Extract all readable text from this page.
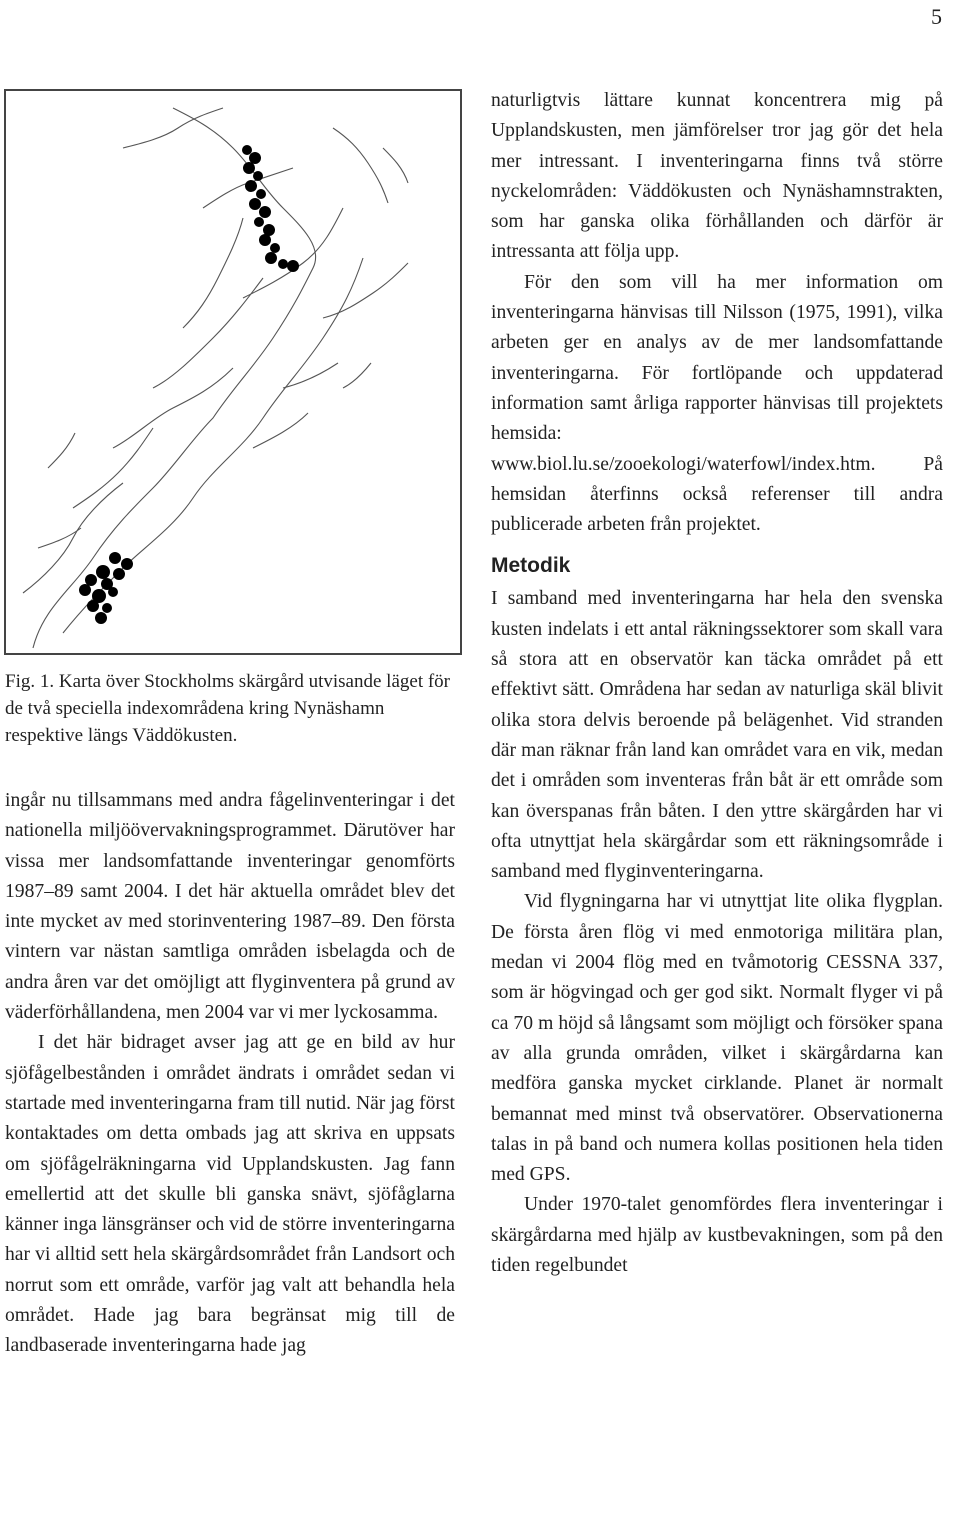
5
Fig. 1. Karta över Stockholms skärgård utvisande läget för de två speciella indexområdena kring Nynäshamn respektive längs Väddökusten.

ingår nu tillsammans med andra fågelinventeringar i det nationella miljöövervakningsprogrammet. Därutöver har vissa mer landsomfattande inventeringar genomförts 1987–89 samt 2004. I det här aktuella området blev det inte mycket av med storinventering 1987–89. Den första vintern var nästan samtliga områden isbelagda och de andra åren var det omöjligt att flyginventera på grund av väderförhållandena, men 2004 var vi mer lyckosamma.

I det här bidraget avser jag att ge en bild av hur sjöfågelbestånden i området ändrats i området sedan vi startade med inventeringarna fram till nutid. När jag först kontaktades om detta ombads jag att skriva en uppsats om sjöfågelräkningarna vid Upplandskusten. Jag fann emellertid att det skulle bli ganska snävt, sjöfåglarna känner inga länsgränser och vid de större inventeringarna har vi alltid sett hela skärgårdsområdet från Landsort och norrut som ett område, varför jag valt att behandla hela området. Hade jag bara begränsat mig till de landbaserade inventeringarna hade jag

naturligtvis lättare kunnat koncentrera mig på Upplandskusten, men jämförelser tror jag gör det hela mer intressant. I inventeringarna finns två större nyckelområden: Väddökusten och Nynäshamnstrakten, som har ganska olika förhållanden och därför är intressanta att följa upp.

För den som vill ha mer information om inventeringarna hänvisas till Nilsson (1975, 1991), vilka arbeten ger en analys av de mer landsomfattande inventeringarna. För fortlöpande och uppdaterad information samt årliga rapporter hänvisas till projektets hemsida: www.biol.lu.se/zooekologi/waterfowl/index.htm. På hemsidan återfinns också referenser till andra publicerade arbeten från projektet.

Metodik

I samband med inventeringarna har hela den svenska kusten indelats i ett antal räkningssektorer som skall vara så stora att en observatör kan täcka området på ett effektivt sätt. Områdena har sedan av naturliga skäl blivit olika stora delvis beroende på belägenhet. Vid stranden där man räknar från land kan området vara en vik, medan det i områden som inventeras från båt är ett område som kan överspanas från båten. I den yttre skärgården har vi ofta utnyttjat hela skärgårdar som ett räkningsområde i samband med flyginventeringarna.

Vid flygningarna har vi utnyttjat lite olika flygplan. De första åren flög vi med enmotoriga militära plan, medan vi 2004 flög med en tvåmotorig CESSNA 337, som är högvingad och ger god sikt. Normalt flyger vi på ca 70 m höjd så långsamt som möjligt och försöker spana av alla grunda områden, vilket i skärgårdarna kan medföra ganska mycket cirklande. Planet är normalt bemannat med minst två observatörer. Observationerna talas in på band och numera kollas positionen hela tiden med GPS.

Under 1970-talet genomfördes flera inventeringar i skärgårdarna med hjälp av kustbevakningen, som på den tiden regelbundet
